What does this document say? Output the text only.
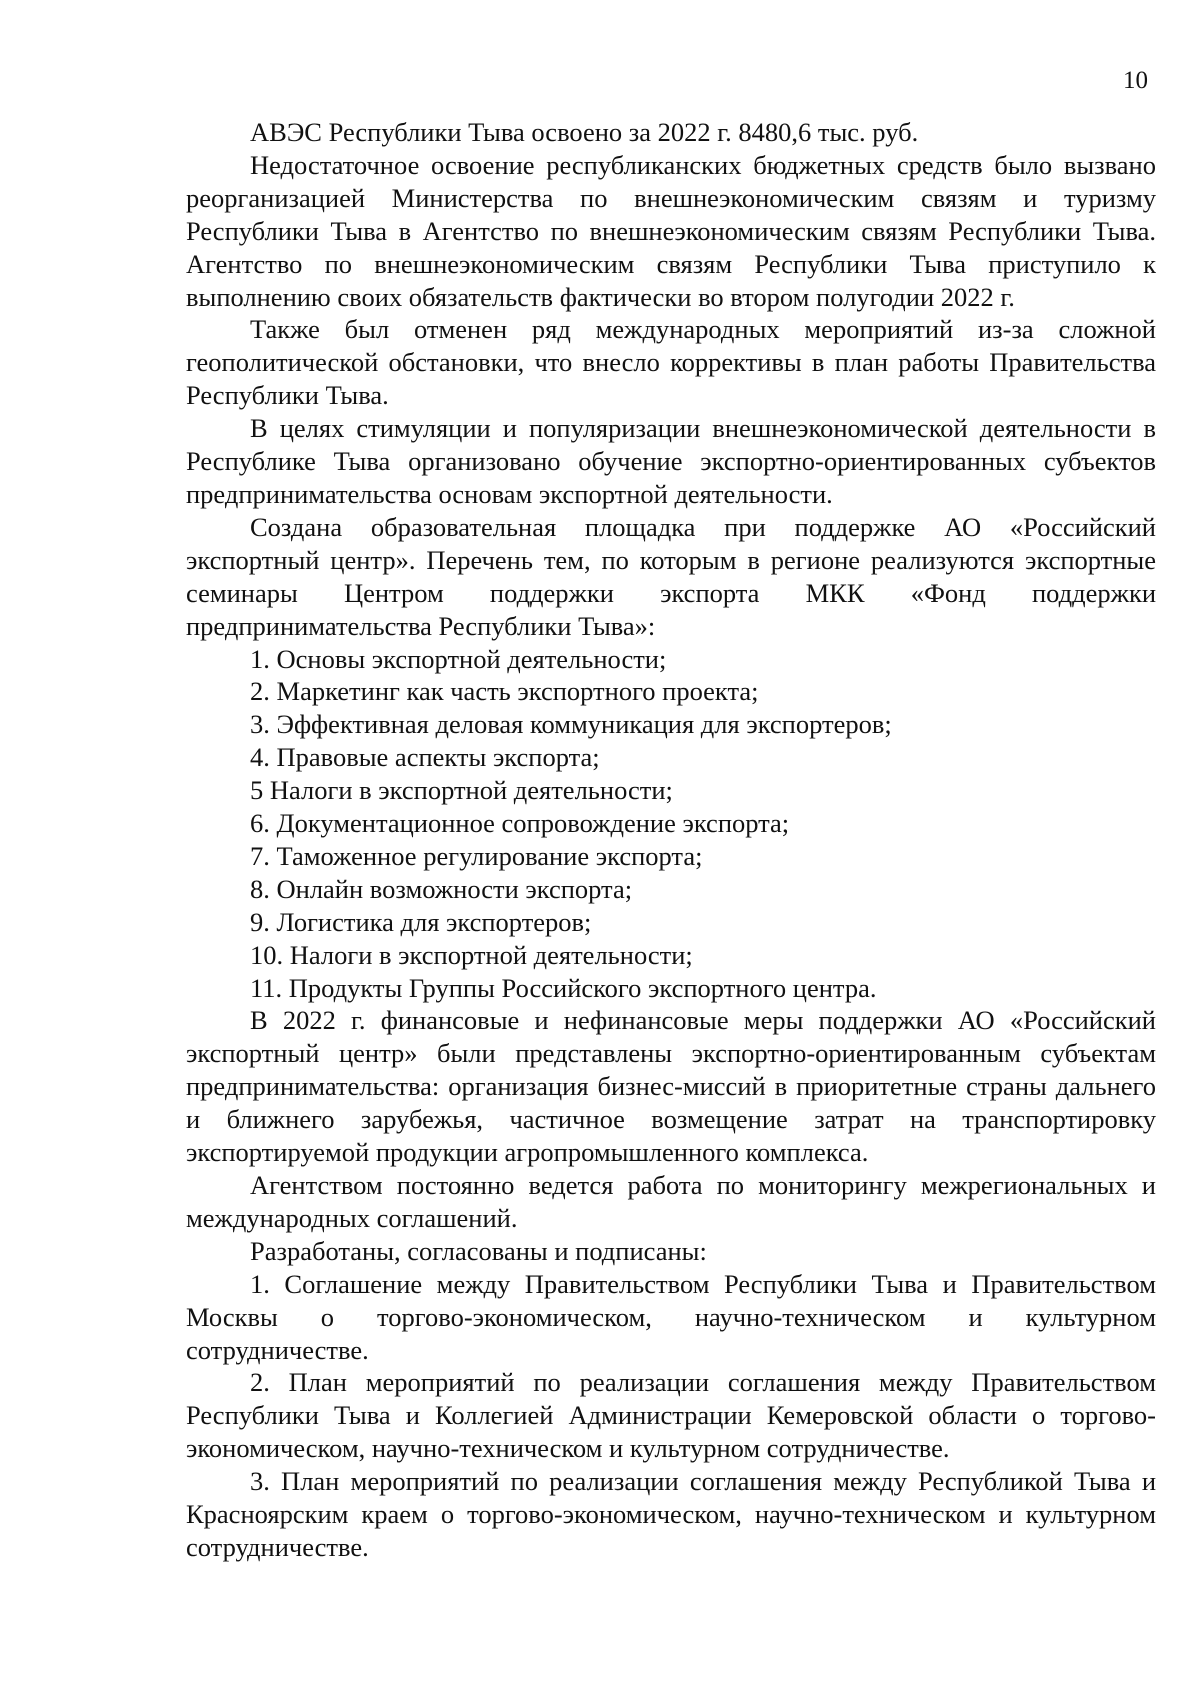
10

АВЭС Республики Тыва освоено за 2022 г. 8480,6 тыс. руб.

Недостаточное освоение республиканских бюджетных средств было вызвано реорганизацией Министерства по внешнеэкономическим связям и туризму Республики Тыва в Агентство по внешнеэкономическим связям Республики Тыва. Агентство по внешнеэкономическим связям Республики Тыва приступило к выполнению своих обязательств фактически во втором полугодии 2022 г.

Также был отменен ряд международных мероприятий из-за сложной геополитической обстановки, что внесло коррективы в план работы Правительства Республики Тыва.

В целях стимуляции и популяризации внешнеэкономической деятельности в Республике Тыва организовано обучение экспортно-ориентированных субъектов предпринимательства основам экспортной деятельности.

Создана образовательная площадка при поддержке АО «Российский экспортный центр». Перечень тем, по которым в регионе реализуются экспортные семинары Центром поддержки экспорта МКК «Фонд поддержки предпринимательства Республики Тыва»:

1. Основы экспортной деятельности;
2. Маркетинг как часть экспортного проекта;
3. Эффективная деловая коммуникация для экспортеров;
4. Правовые аспекты экспорта;
5 Налоги в экспортной деятельности;
6. Документационное сопровождение экспорта;
7. Таможенное регулирование экспорта;
8. Онлайн возможности экспорта;
9. Логистика для экспортеров;
10. Налоги в экспортной деятельности;
11. Продукты Группы Российского экспортного центра.

В 2022 г. финансовые и нефинансовые меры поддержки АО «Российский экспортный центр» были представлены экспортно-ориентированным субъектам предпринимательства: организация бизнес-миссий в приоритетные страны дальнего и ближнего зарубежья, частичное возмещение затрат на транспортировку экспортируемой продукции агропромышленного комплекса.

Агентством постоянно ведется работа по мониторингу межрегиональных и международных соглашений.

Разработаны, согласованы и подписаны:

1. Соглашение между Правительством Республики Тыва и Правительством Москвы о торгово-экономическом, научно-техническом и культурном сотрудничестве.

2. План мероприятий по реализации соглашения между Правительством Республики Тыва и Коллегией Администрации Кемеровской области о торгово-экономическом, научно-техническом и культурном сотрудничестве.

3. План мероприятий по реализации соглашения между Республикой Тыва и Красноярским краем о торгово-экономическом, научно-техническом и культурном сотрудничестве.
